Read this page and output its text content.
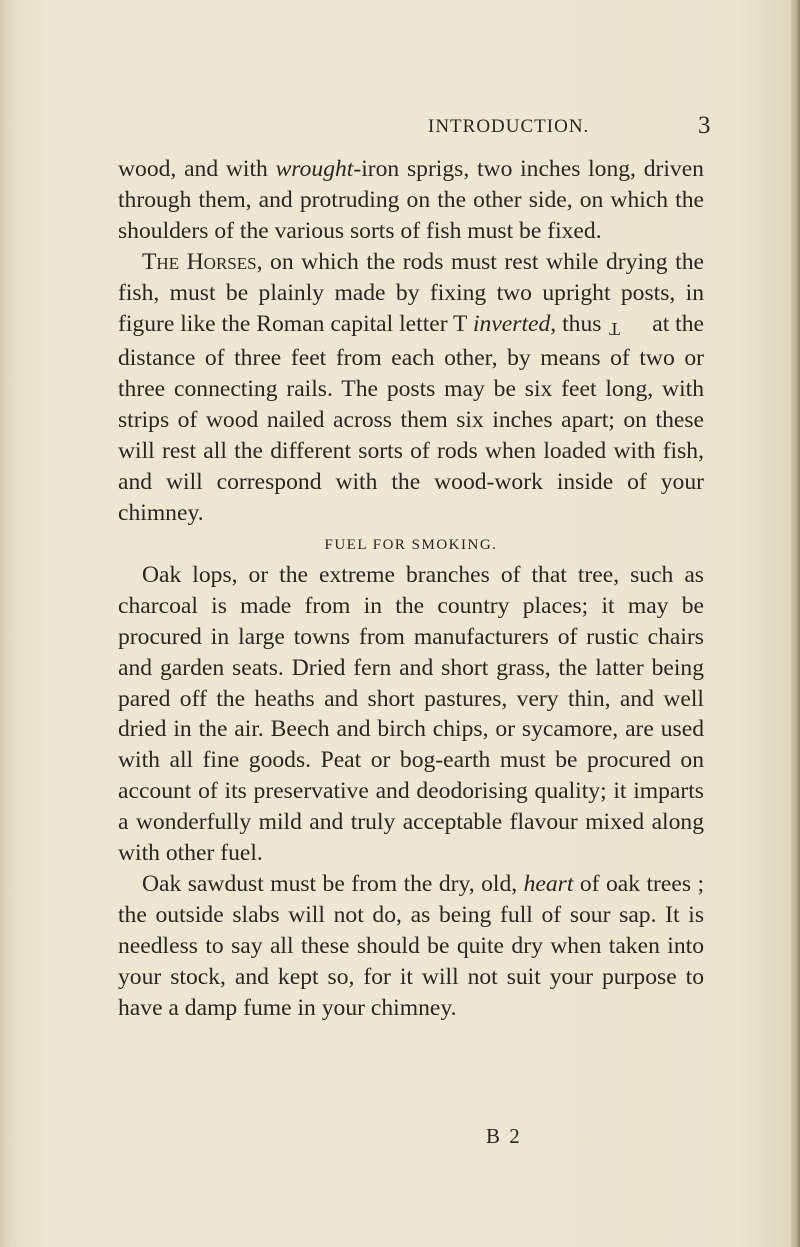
INTRODUCTION.	3

wood, and with wrought-iron sprigs, two inches long, driven through them, and protruding on the other side, on which the shoulders of the various sorts of fish must be fixed.

The Horses, on which the rods must rest while drying the fish, must be plainly made by fixing two upright posts, in figure like the Roman capital letter T inverted, thus T at the distance of three feet from each other, by means of two or three connecting rails. The posts may be six feet long, with strips of wood nailed across them six inches apart; on these will rest all the different sorts of rods when loaded with fish, and will correspond with the wood-work inside of your chimney.

FUEL FOR SMOKING.

Oak lops, or the extreme branches of that tree, such as charcoal is made from in the country places; it may be procured in large towns from manufacturers of rustic chairs and garden seats. Dried fern and short grass, the latter being pared off the heaths and short pastures, very thin, and well dried in the air. Beech and birch chips, or sycamore, are used with all fine goods. Peat or bog-earth must be procured on account of its preservative and deodorising quality; it imparts a wonderfully mild and truly acceptable flavour mixed along with other fuel.

Oak sawdust must be from the dry, old, heart of oak trees ; the outside slabs will not do, as being full of sour sap. It is needless to say all these should be quite dry when taken into your stock, and kept so, for it will not suit your purpose to have a damp fume in your chimney.

B 2
